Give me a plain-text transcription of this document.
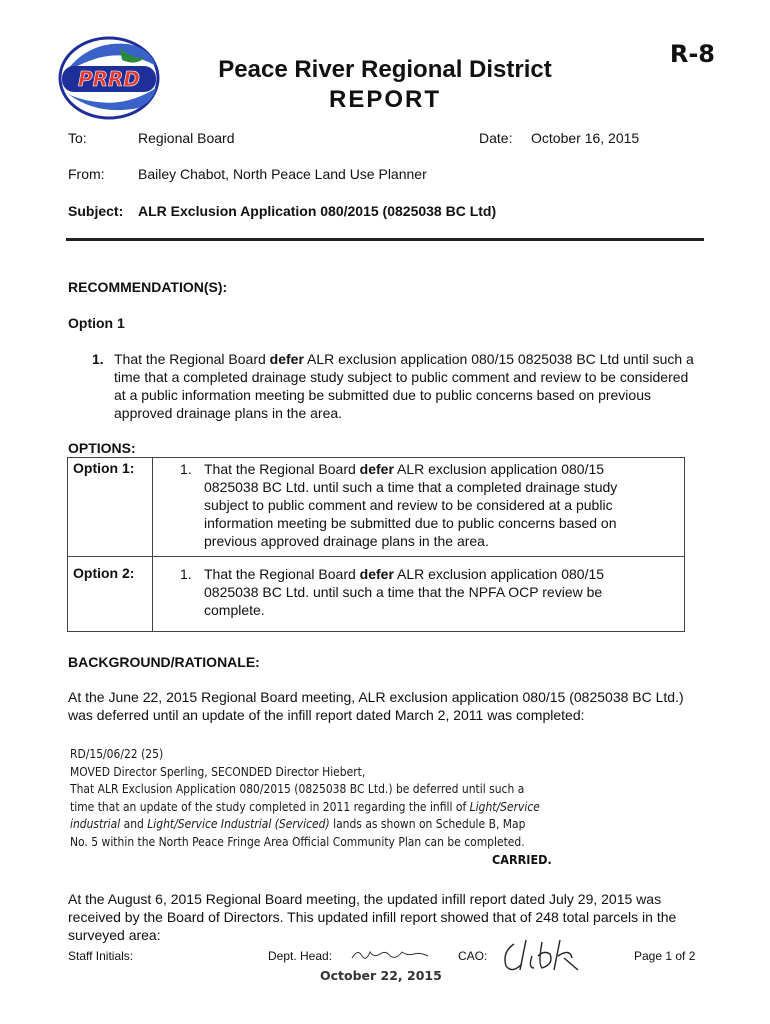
PRRD	Peace River Regional District
REPORT
R-8
To:	Regional Board	Date: October 16, 2015
From: Bailey Chabot, North Peace Land Use Planner
Subject: ALR Exclusion Application 080/2015 (0825038 BC Ltd)
RECOMMENDATION(S):
Option 1
1. That the Regional Board defer ALR exclusion application 080/15 0825038 BC Ltd until such a time that a completed drainage study subject to public comment and review to be considered at a public information meeting be submitted due to public concerns based on previous approved drainage plans in the area.
OPTIONS:
Option 1:	1. That the Regional Board defer ALR exclusion application 080/15 0825038 BC Ltd. until such a time that a completed drainage study subject to public comment and review to be considered at a public information meeting be submitted due to public concerns based on previous approved drainage plans in the area.
Option 2:	1. That the Regional Board defer ALR exclusion application 080/15 0825038 BC Ltd. until such a time that the NPFA OCP review be complete.
BACKGROUND/RATIONALE:
At the June 22, 2015 Regional Board meeting, ALR exclusion application 080/15 (0825038 BC Ltd.) was deferred until an update of the infill report dated March 2, 2011 was completed:
RD/15/06/22 (25)
MOVED Director Sperling, SECONDED Director Hiebert,
That ALR Exclusion Application 080/2015 (0825038 BC Ltd.) be deferred until such a
time that an update of the study completed in 2011 regarding the infill of Light/Service
industrial and Light/Service Industrial (Serviced) lands as shown on Schedule B, Map
No. 5 within the North Peace Fringe Area Official Community Plan can be completed.
CARRIED.
At the August 6, 2015 Regional Board meeting, the updated infill report dated July 29, 2015 was received by the Board of Directors. This updated infill report showed that of 248 total parcels in the surveyed area:
Staff Initials:	Dept. Head:	CAO:	Page 1 of 2
October 22, 2015
